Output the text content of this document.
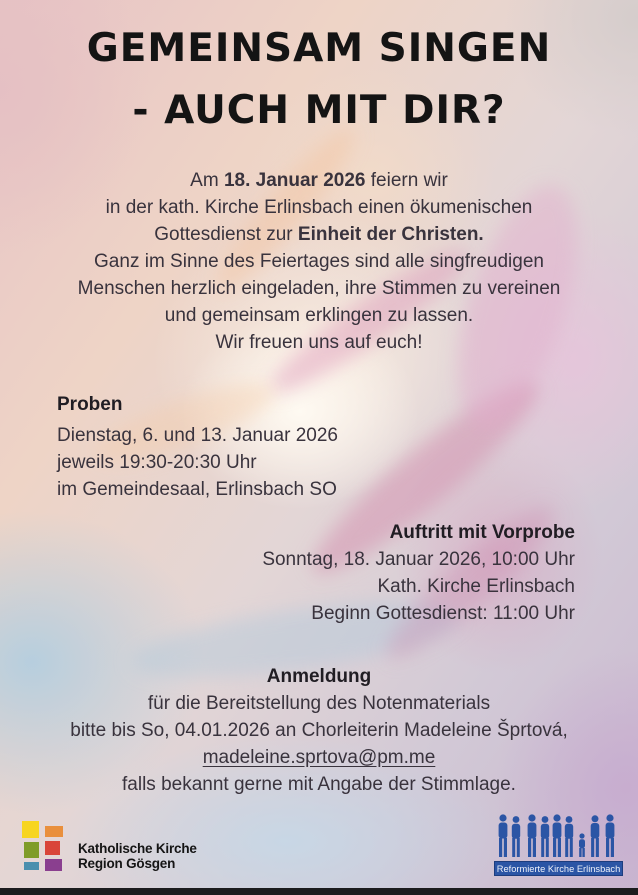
GEMEINSAM SINGEN
- AUCH MIT DIR?
Am 18. Januar 2026 feiern wir
in der kath. Kirche Erlinsbach einen ökumenischen
Gottesdienst zur Einheit der Christen.
Ganz im Sinne des Feiertages sind alle singfreudigen
Menschen herzlich eingeladen, ihre Stimmen zu vereinen
und gemeinsam erklingen zu lassen.
Wir freuen uns auf euch!
Proben
Dienstag, 6. und 13. Januar 2026
jeweils 19:30-20:30 Uhr
im Gemeindesaal, Erlinsbach SO
Auftritt mit Vorprobe
Sonntag, 18. Januar 2026, 10:00 Uhr
Kath. Kirche Erlinsbach
Beginn Gottesdienst: 11:00 Uhr
Anmeldung
für die Bereitstellung des Notenmaterials
bitte bis So, 04.01.2026 an Chorleiterin Madeleine Šprtová,
madeleine.sprtova@pm.me
falls bekannt gerne mit Angabe der Stimmlage.
Katholische Kirche
Region Gösgen	Reformierte Kirche Erlinsbach
